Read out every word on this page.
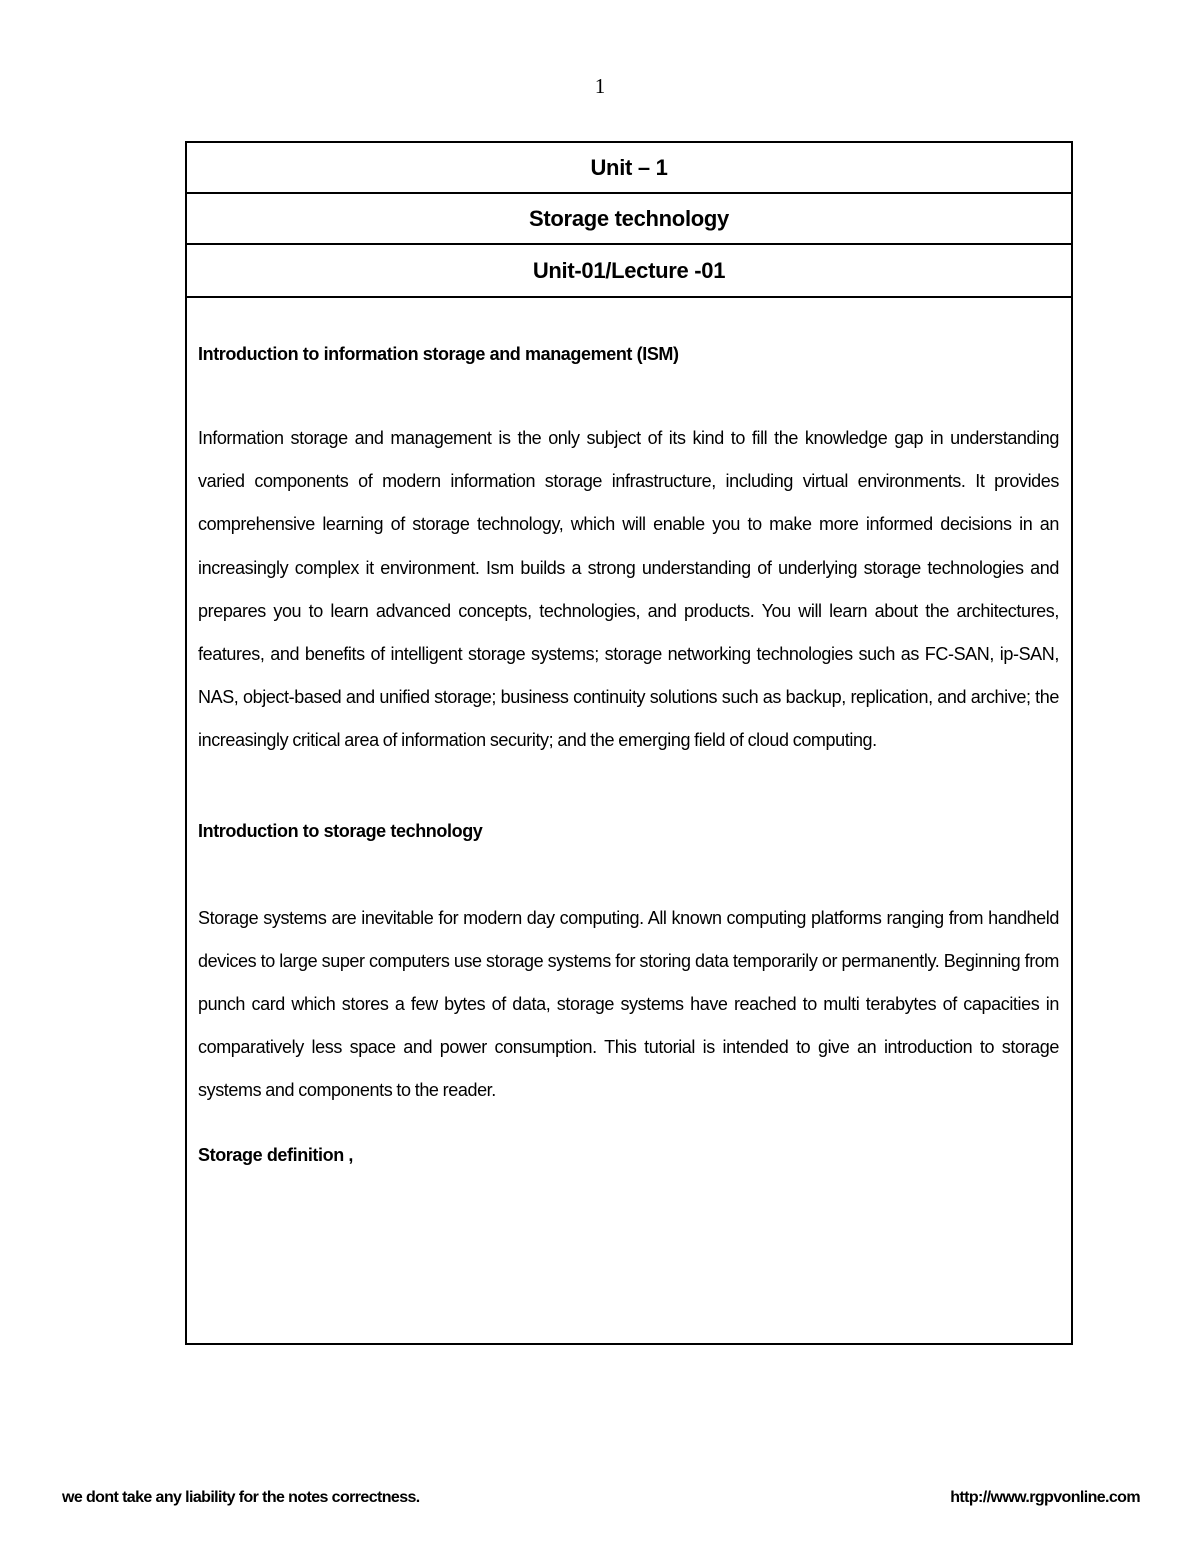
1
Unit – 1
Storage technology
Unit-01/Lecture -01

Introduction to information storage and management (ISM)

Information storage and management is the only subject of its kind to fill the knowledge gap in understanding varied components of modern information storage infrastructure, including virtual environments. It provides comprehensive learning of storage technology, which will enable you to make more informed decisions in an increasingly complex it environment. Ism builds a strong understanding of underlying storage technologies and prepares you to learn advanced concepts, technologies, and products. You will learn about the architectures, features, and benefits of intelligent storage systems; storage networking technologies such as FC-SAN, ip-SAN, NAS, object-based and unified storage; business continuity solutions such as backup, replication, and archive; the increasingly critical area of information security; and the emerging field of cloud computing.

Introduction to storage technology

Storage systems are inevitable for modern day computing. All known computing platforms ranging from handheld devices to large super computers use storage systems for storing data temporarily or permanently. Beginning from punch card which stores a few bytes of data, storage systems have reached to multi terabytes of capacities in comparatively less space and power consumption. This tutorial is intended to give an introduction to storage systems and components to the reader.

Storage definition ,

we dont take any liability for the notes correctness.	http://www.rgpvonline.com
